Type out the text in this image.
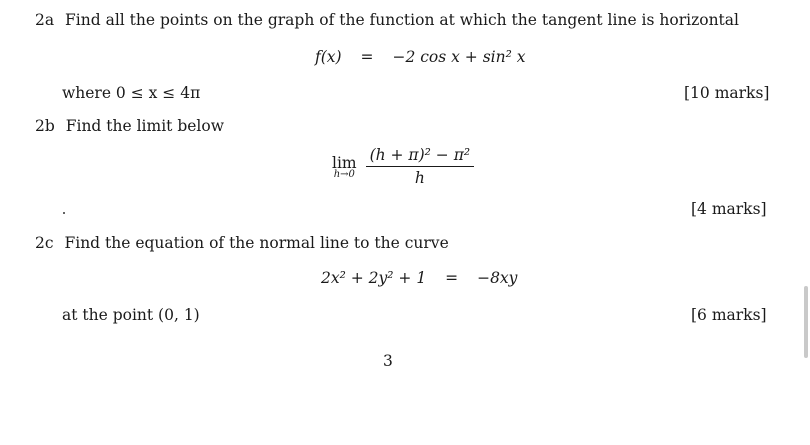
2a Find all the points on the graph of the function at which the tangent line is horizontal
f(x) = −2 cos x + sin² x
where 0 ≤ x ≤ 4π	[10 marks]
2b Find the limit below
lim
h→0
$\frac{\text{(h + π)² − π²}}{h}$
[4 marks]
2c Find the equation of the normal line to the curve
2x² + 2y² + 1 = −8xy
at the point (0, 1)	[6 marks]
3
